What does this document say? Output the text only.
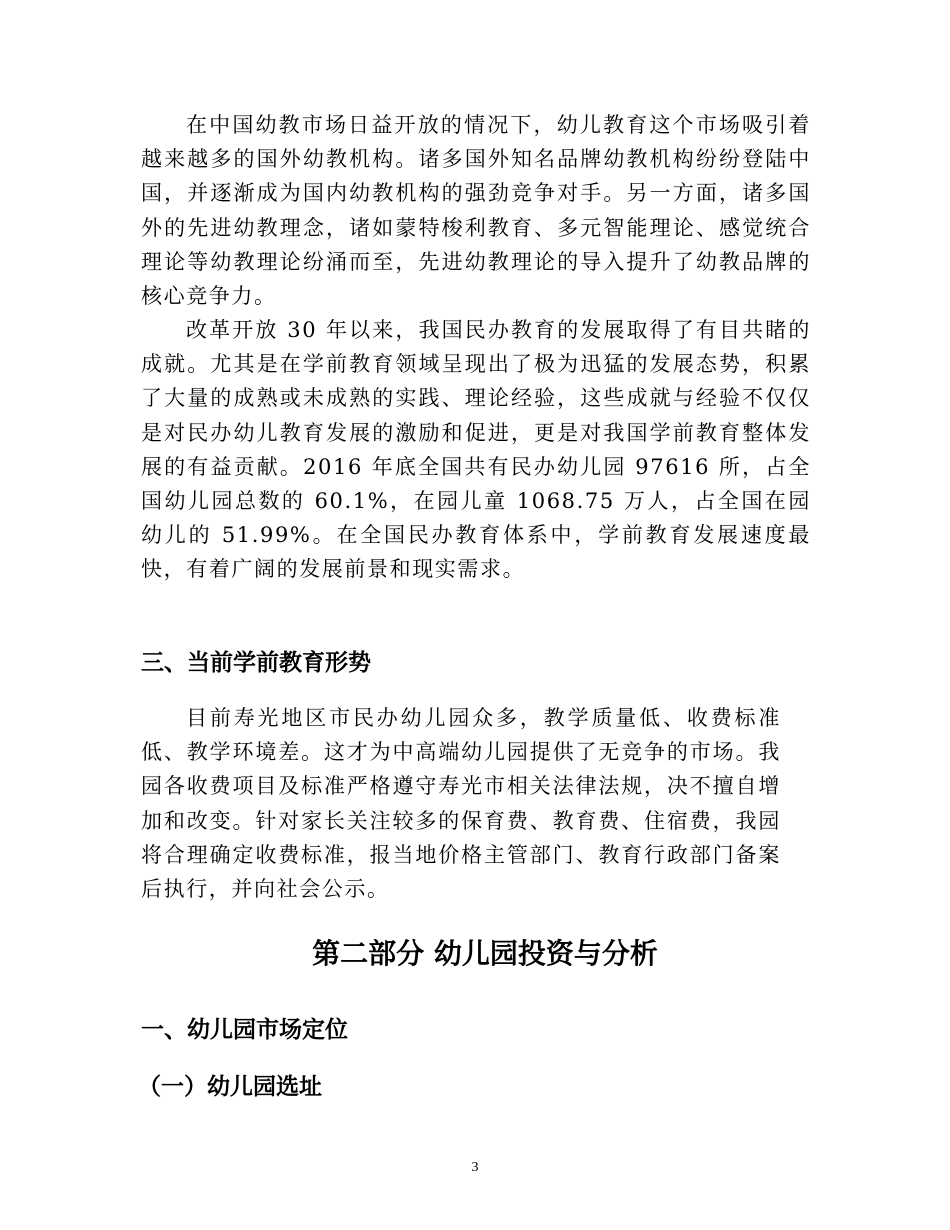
在中国幼教市场日益开放的情况下，幼儿教育这个市场吸引着越来越多的国外幼教机构。诸多国外知名品牌幼教机构纷纷登陆中国，并逐渐成为国内幼教机构的强劲竞争对手。另一方面，诸多国外的先进幼教理念，诸如蒙特梭利教育、多元智能理论、感觉统合理论等幼教理论纷涌而至，先进幼教理论的导入提升了幼教品牌的核心竞争力。

改革开放 30 年以来，我国民办教育的发展取得了有目共睹的成就。尤其是在学前教育领域呈现出了极为迅猛的发展态势，积累了大量的成熟或未成熟的实践、理论经验，这些成就与经验不仅仅是对民办幼儿教育发展的激励和促进，更是对我国学前教育整体发展的有益贡献。2016 年底全国共有民办幼儿园 97616 所，占全国幼儿园总数的 60.1%，在园儿童 1068.75 万人，占全国在园幼儿的 51.99%。在全国民办教育体系中，学前教育发展速度最快，有着广阔的发展前景和现实需求。

三、当前学前教育形势

目前寿光地区市民办幼儿园众多，教学质量低、收费标准低、教学环境差。这才为中高端幼儿园提供了无竞争的市场。我园各收费项目及标准严格遵守寿光市相关法律法规，决不擅自增加和改变。针对家长关注较多的保育费、教育费、住宿费，我园将合理确定收费标准，报当地价格主管部门、教育行政部门备案后执行，并向社会公示。

第二部分 幼儿园投资与分析
一、幼儿园市场定位
（一）幼儿园选址
3
